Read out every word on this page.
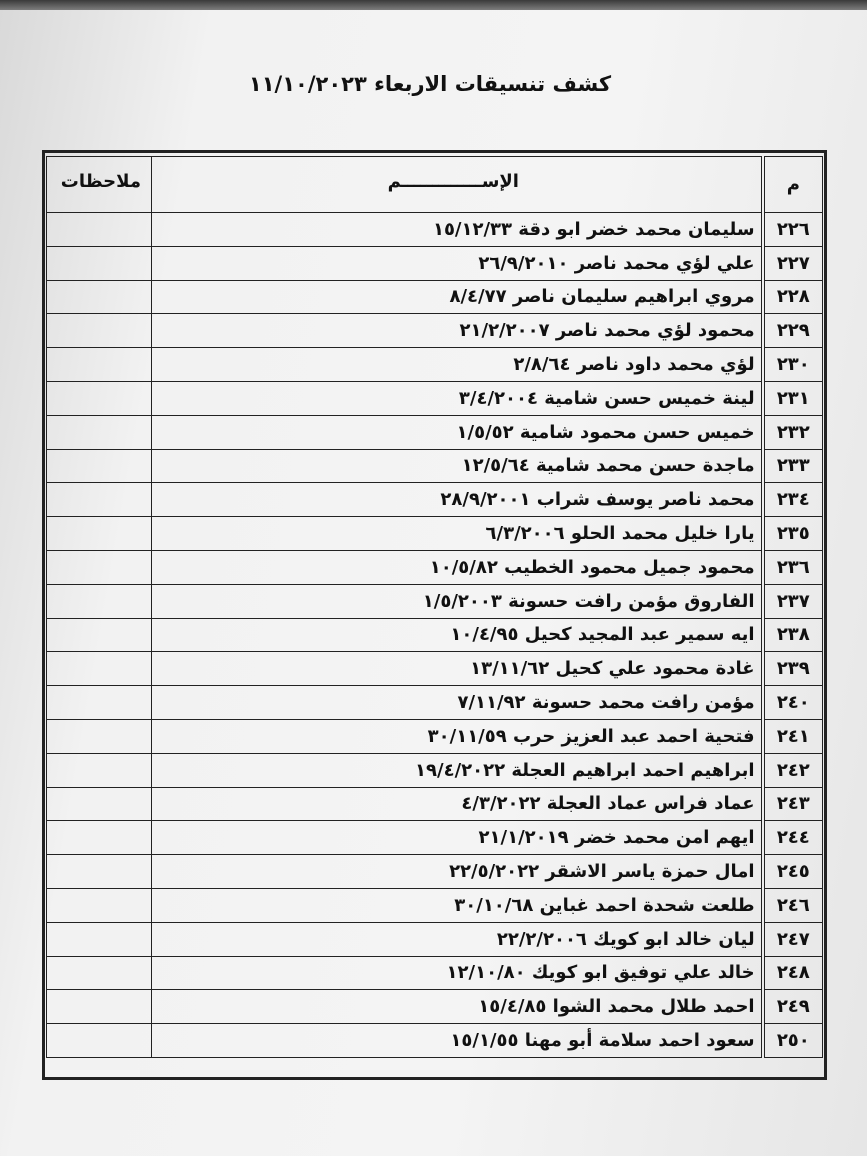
كشف تنسيقات الاربعاء ١١/١٠/٢٠٢٣
م	الإســـــــــــــم	ملاحظات
٢٢٦	سليمان محمد خضر ابو دقة ١٥/١٢/٣٣	
٢٢٧	علي لؤي محمد ناصر ٢٦/٩/٢٠١٠	
٢٢٨	مروي ابراهيم سليمان ناصر ٨/٤/٧٧	
٢٢٩	محمود لؤي محمد ناصر ٢١/٢/٢٠٠٧	
٢٣٠	لؤي محمد داود ناصر ٢/٨/٦٤	
٢٣١	لينة خميس حسن شامية ٣/٤/٢٠٠٤	
٢٣٢	خميس حسن محمود شامية ١/٥/٥٢	
٢٣٣	ماجدة حسن محمد شامية ١٢/٥/٦٤	
٢٣٤	محمد ناصر يوسف شراب ٢٨/٩/٢٠٠١	
٢٣٥	يارا خليل محمد الحلو ٦/٣/٢٠٠٦	
٢٣٦	محمود جميل محمود الخطيب ١٠/٥/٨٢	
٢٣٧	الفاروق مؤمن رافت حسونة ١/٥/٢٠٠٣	
٢٣٨	ايه سمير عبد المجيد كحيل ١٠/٤/٩٥	
٢٣٩	غادة محمود علي كحيل ١٣/١١/٦٢	
٢٤٠	مؤمن رافت محمد حسونة ٧/١١/٩٢	
٢٤١	فتحية احمد عبد العزيز حرب ٣٠/١١/٥٩	
٢٤٢	ابراهيم احمد ابراهيم العجلة ١٩/٤/٢٠٢٢	
٢٤٣	عماد فراس عماد العجلة ٤/٣/٢٠٢٢	
٢٤٤	ايهم امن محمد خضر ٢١/١/٢٠١٩	
٢٤٥	امال حمزة ياسر الاشقر ٢٢/٥/٢٠٢٢	
٢٤٦	طلعت شحدة احمد غباين ٣٠/١٠/٦٨	
٢٤٧	ليان خالد ابو كويك ٢٢/٢/٢٠٠٦	
٢٤٨	خالد علي توفيق ابو كويك ١٢/١٠/٨٠	
٢٤٩	احمد طلال محمد الشوا ١٥/٤/٨٥	
٢٥٠	سعود احمد سلامة أبو مهنا ١٥/١/٥٥	
